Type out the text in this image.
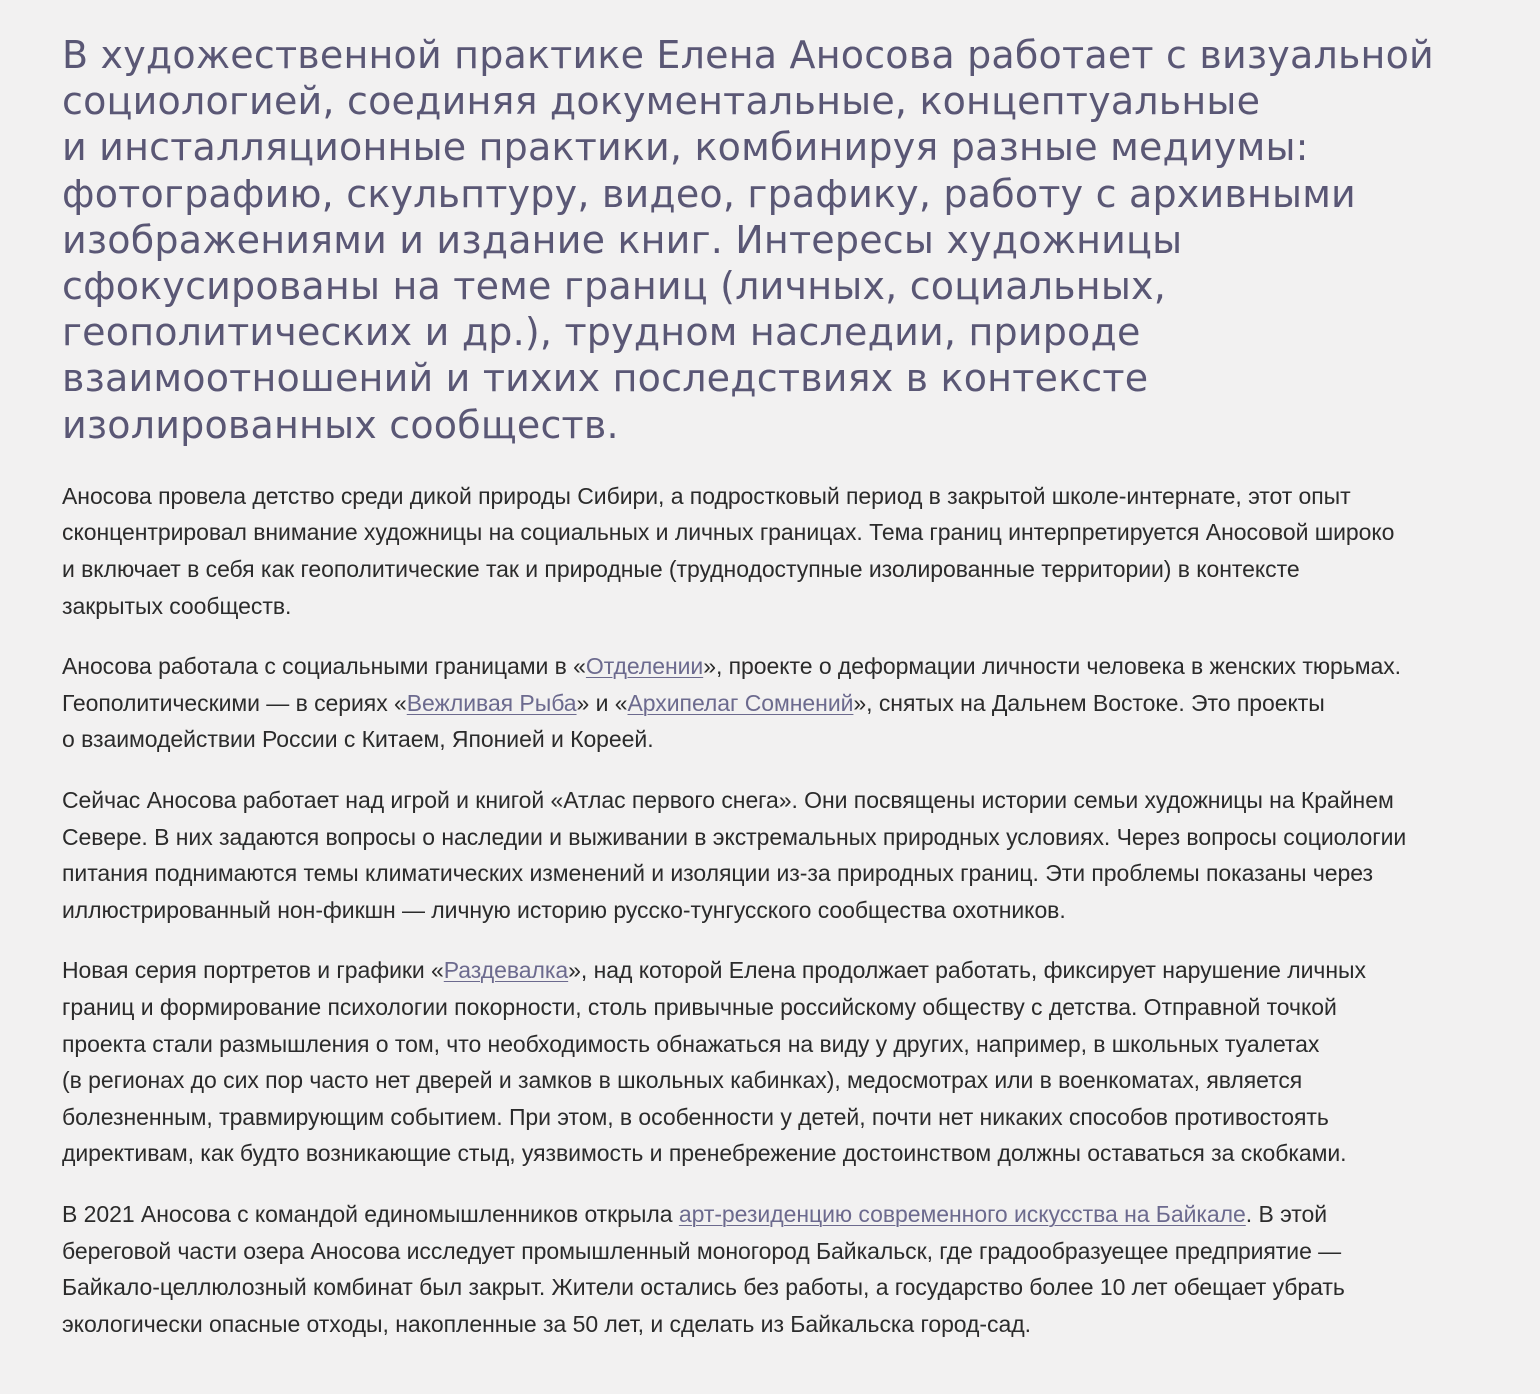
В художественной практике Елена Аносова работает с визуальной
социологией, соединяя документальные, концептуальные
и инсталляционные практики, комбинируя разные медиумы:
фотографию, скульптуру, видео, графику, работу с архивными
изображениями и издание книг. Интересы художницы
сфокусированы на теме границ (личных, социальных,
геополитических и др.), трудном наследии, природе
взаимоотношений и тихих последствиях в контексте
изолированных сообществ.

Аносова провела детство среди дикой природы Сибири, а подростковый период в закрытой школе-интернате, этот опыт
сконцентрировал внимание художницы на социальных и личных границах. Тема границ интерпретируется Аносовой широко
и включает в себя как геополитические так и природные (труднодоступные изолированные территории) в контексте
закрытых сообществ.

Аносова работала с социальными границами в «Отделении», проекте о деформации личности человека в женских тюрьмах.
Геополитическими — в сериях «Вежливая Рыба» и «Архипелаг Сомнений», снятых на Дальнем Востоке. Это проекты
о взаимодействии России с Китаем, Японией и Кореей.

Сейчас Аносова работает над игрой и книгой «Атлас первого снега». Они посвящены истории семьи художницы на Крайнем
Севере. В них задаются вопросы о наследии и выживании в экстремальных природных условиях. Через вопросы социологии
питания поднимаются темы климатических изменений и изоляции из-за природных границ. Эти проблемы показаны через
иллюстрированный нон-фикшн — личную историю русско-тунгусского сообщества охотников.

Новая серия портретов и графики «Раздевалка», над которой Елена продолжает работать, фиксирует нарушение личных
границ и формирование психологии покорности, столь привычные российскому обществу с детства. Отправной точкой
проекта стали размышления о том, что необходимость обнажаться на виду у других, например, в школьных туалетах
(в регионах до сих пор часто нет дверей и замков в школьных кабинках), медосмотрах или в военкоматах, является
болезненным, травмирующим событием. При этом, в особенности у детей, почти нет никаких способов противостоять
директивам, как будто возникающие стыд, уязвимость и пренебрежение достоинством должны оставаться за скобками.

В 2021 Аносова с командой единомышленников открыла арт-резиденцию современного искусства на Байкале. В этой
береговой части озера Аносова исследует промышленный моногород Байкальск, где градообразуещее предприятие —
Байкало-целлюлозный комбинат был закрыт. Жители остались без работы, а государство более 10 лет обещает убрать
экологически опасные отходы, накопленные за 50 лет, и сделать из Байкальска город-сад.
